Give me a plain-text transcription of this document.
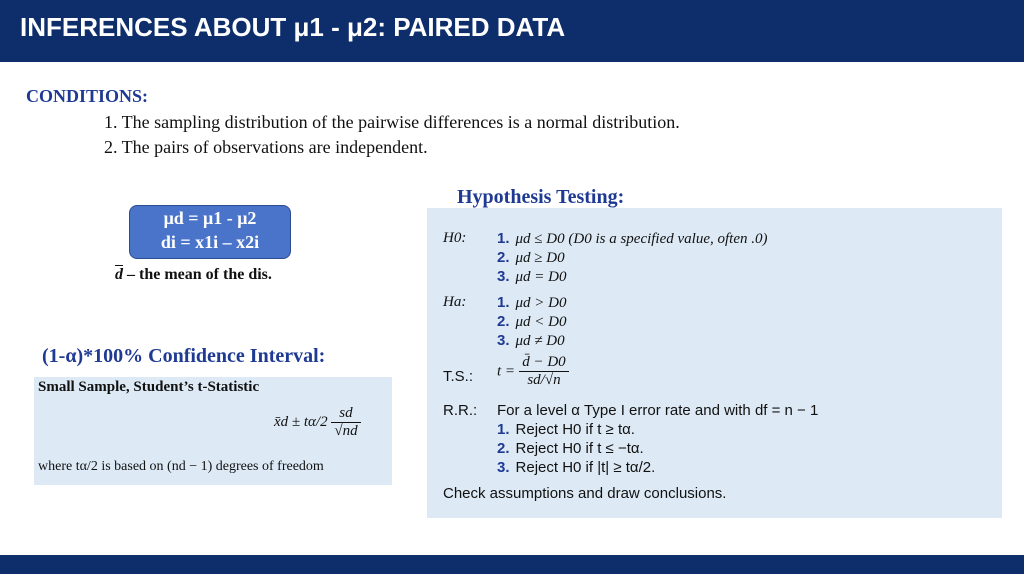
INFERENCES ABOUT μ1 - μ2: PAIRED DATA
CONDITIONS:
1. The sampling distribution of the pairwise differences is a normal distribution.
2. The pairs of observations are independent.
μd = μ1 - μ2
di = x1i – x2i
$\overline{d}$ – the mean of the dis.
(1-α)*100% Confidence Interval:
Small Sample, Student’s t-Statistic
x̄d ± $t\alpha/2 \frac{sd}{√nd}$
where tα/2 is based on (nd − 1) degrees of freedom
Hypothesis Testing:
H0: 1. μd ≤ D0 (D0 is a specified value, often .0)
2. μd ≥ D0
3. μd = D0
Ha: 1. μd > D0
2. μd < D0
3. μd ≠ D0
T.S.: $t = \frac{d̄ - D0}{sd/√n}$
R.R.: For a level α Type I error rate and with df = n − 1
1. Reject H0 if t ≥ tα.
2. Reject H0 if t ≤ −tα.
3. Reject H0 if |t| ≥ tα/2.
Check assumptions and draw conclusions.
